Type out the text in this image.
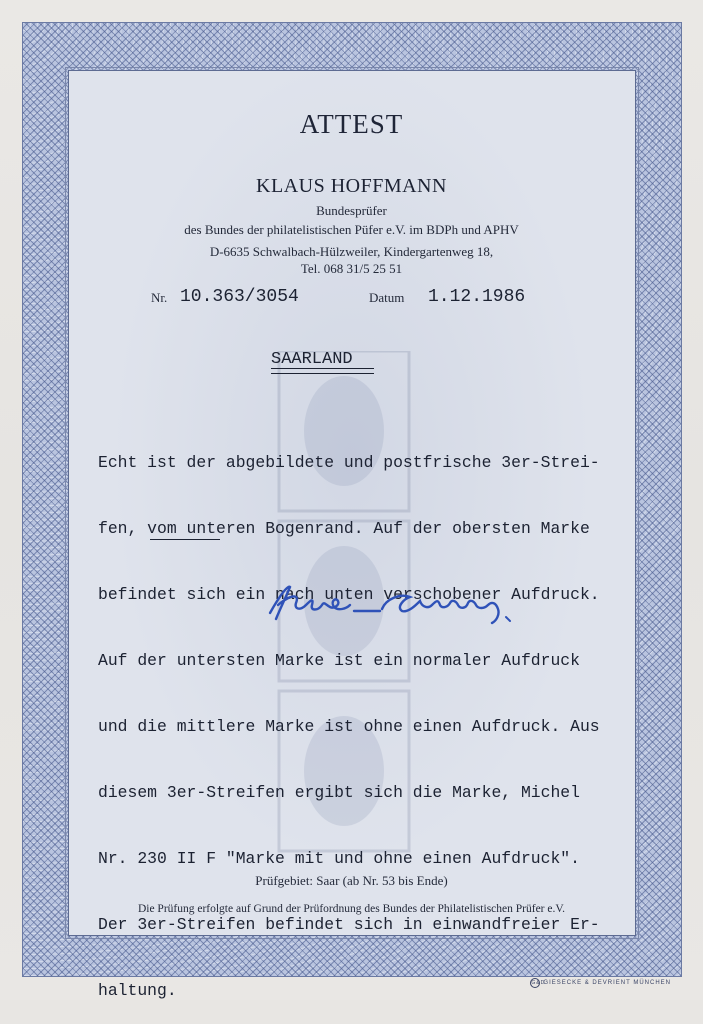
ATTEST
KLAUS HOFFMANN
Bundesprüfer
des Bundes der philatelistischen Püfer e.V. im BDPh und APHV
D-6635 Schwalbach-Hülzweiler, Kindergartenweg 18,
Tel. 068 31/5 25 51
Nr. 10.363/3054	Datum 1.12.1986
SAARLAND

Echt ist der abgebildete und postfrische 3er-Strei-

fen, vom unteren Bogenrand. Auf der obersten Marke

befindet sich ein nach unten verschobener Aufdruck.

Auf der untersten Marke ist ein normaler Aufdruck

und die mittlere Marke ist ohne einen Aufdruck. Aus

diesem 3er-Streifen ergibt sich die Marke, Michel

Nr. 230 II F "Marke mit und ohne einen Aufdruck".

Der 3er-Streifen befindet sich in einwandfreier Er-

haltung.

Prüfgebiet: Saar (ab Nr. 53 bis Ende)
Die Prüfung erfolgte auf Grund der Prüfordnung des Bundes der Philatelistischen Prüfer e.V.
G&D
GIESECKE & DEVRIENT MÜNCHEN
